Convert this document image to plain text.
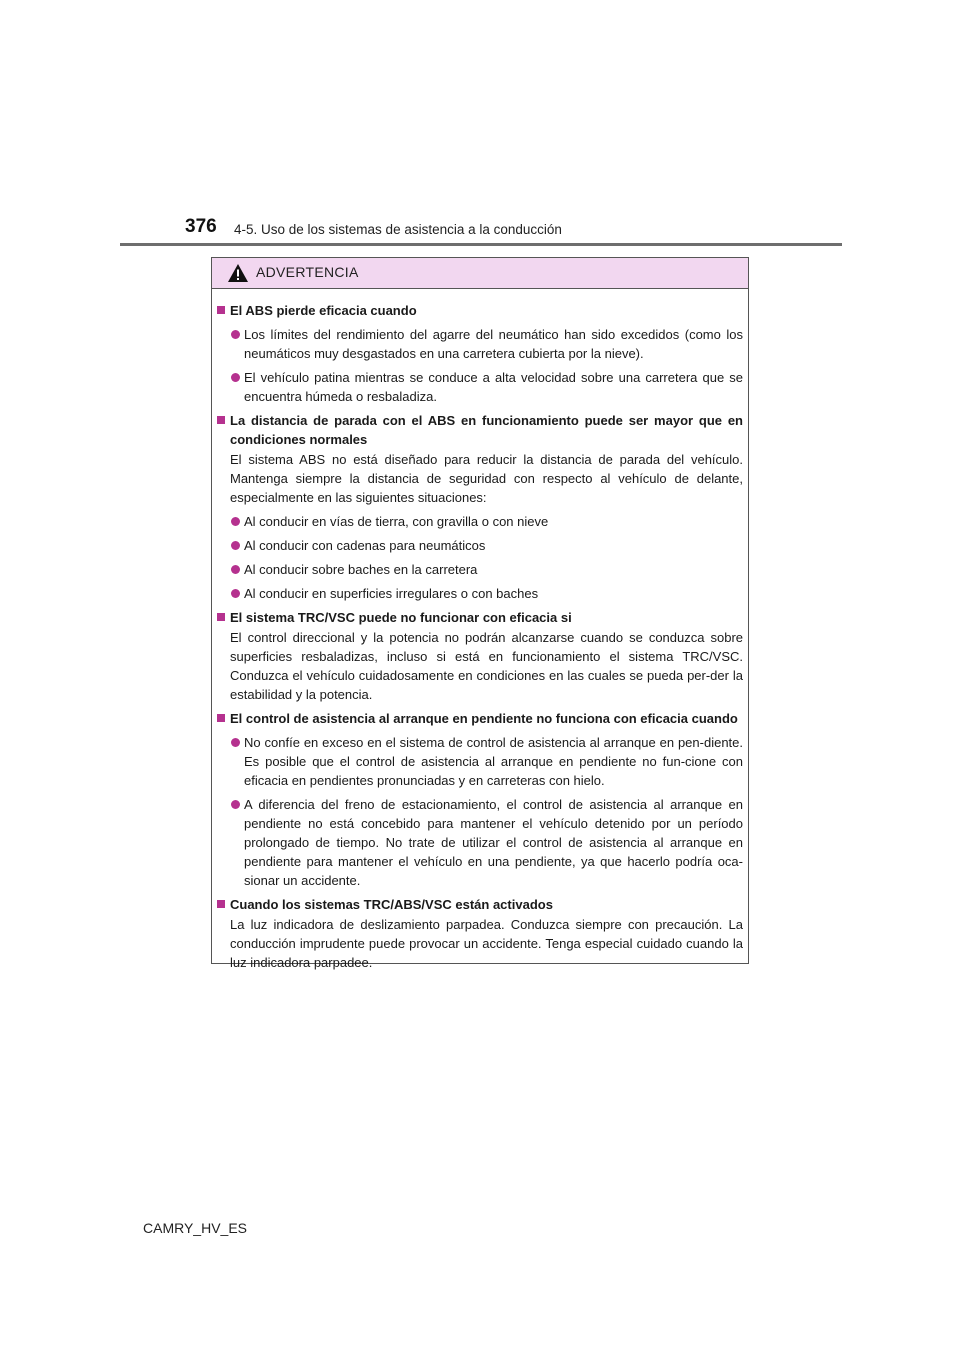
376 4-5. Uso de los sistemas de asistencia a la conducción
ADVERTENCIA
El ABS pierde eficacia cuando
Los límites del rendimiento del agarre del neumático han sido excedidos (como los neumáticos muy desgastados en una carretera cubierta por la nieve).
El vehículo patina mientras se conduce a alta velocidad sobre una carretera que se encuentra húmeda o resbaladiza.
La distancia de parada con el ABS en funcionamiento puede ser mayor que en condiciones normales
El sistema ABS no está diseñado para reducir la distancia de parada del vehículo. Mantenga siempre la distancia de seguridad con respecto al vehículo de delante, especialmente en las siguientes situaciones:
Al conducir en vías de tierra, con gravilla o con nieve
Al conducir con cadenas para neumáticos
Al conducir sobre baches en la carretera
Al conducir en superficies irregulares o con baches
El sistema TRC/VSC puede no funcionar con eficacia si
El control direccional y la potencia no podrán alcanzarse cuando se conduzca sobre superficies resbaladizas, incluso si está en funcionamiento el sistema TRC/VSC. Conduzca el vehículo cuidadosamente en condiciones en las cuales se pueda per-der la estabilidad y la potencia.
El control de asistencia al arranque en pendiente no funciona con eficacia cuando
No confíe en exceso en el sistema de control de asistencia al arranque en pen-diente. Es posible que el control de asistencia al arranque en pendiente no fun-cione con eficacia en pendientes pronunciadas y en carreteras con hielo.
A diferencia del freno de estacionamiento, el control de asistencia al arranque en pendiente no está concebido para mantener el vehículo detenido por un período prolongado de tiempo. No trate de utilizar el control de asistencia al arranque en pendiente para mantener el vehículo en una pendiente, ya que hacerlo podría oca-sionar un accidente.
Cuando los sistemas TRC/ABS/VSC están activados
La luz indicadora de deslizamiento parpadea. Conduzca siempre con precaución. La conducción imprudente puede provocar un accidente. Tenga especial cuidado cuando la luz indicadora parpadee.
CAMRY_HV_ES
